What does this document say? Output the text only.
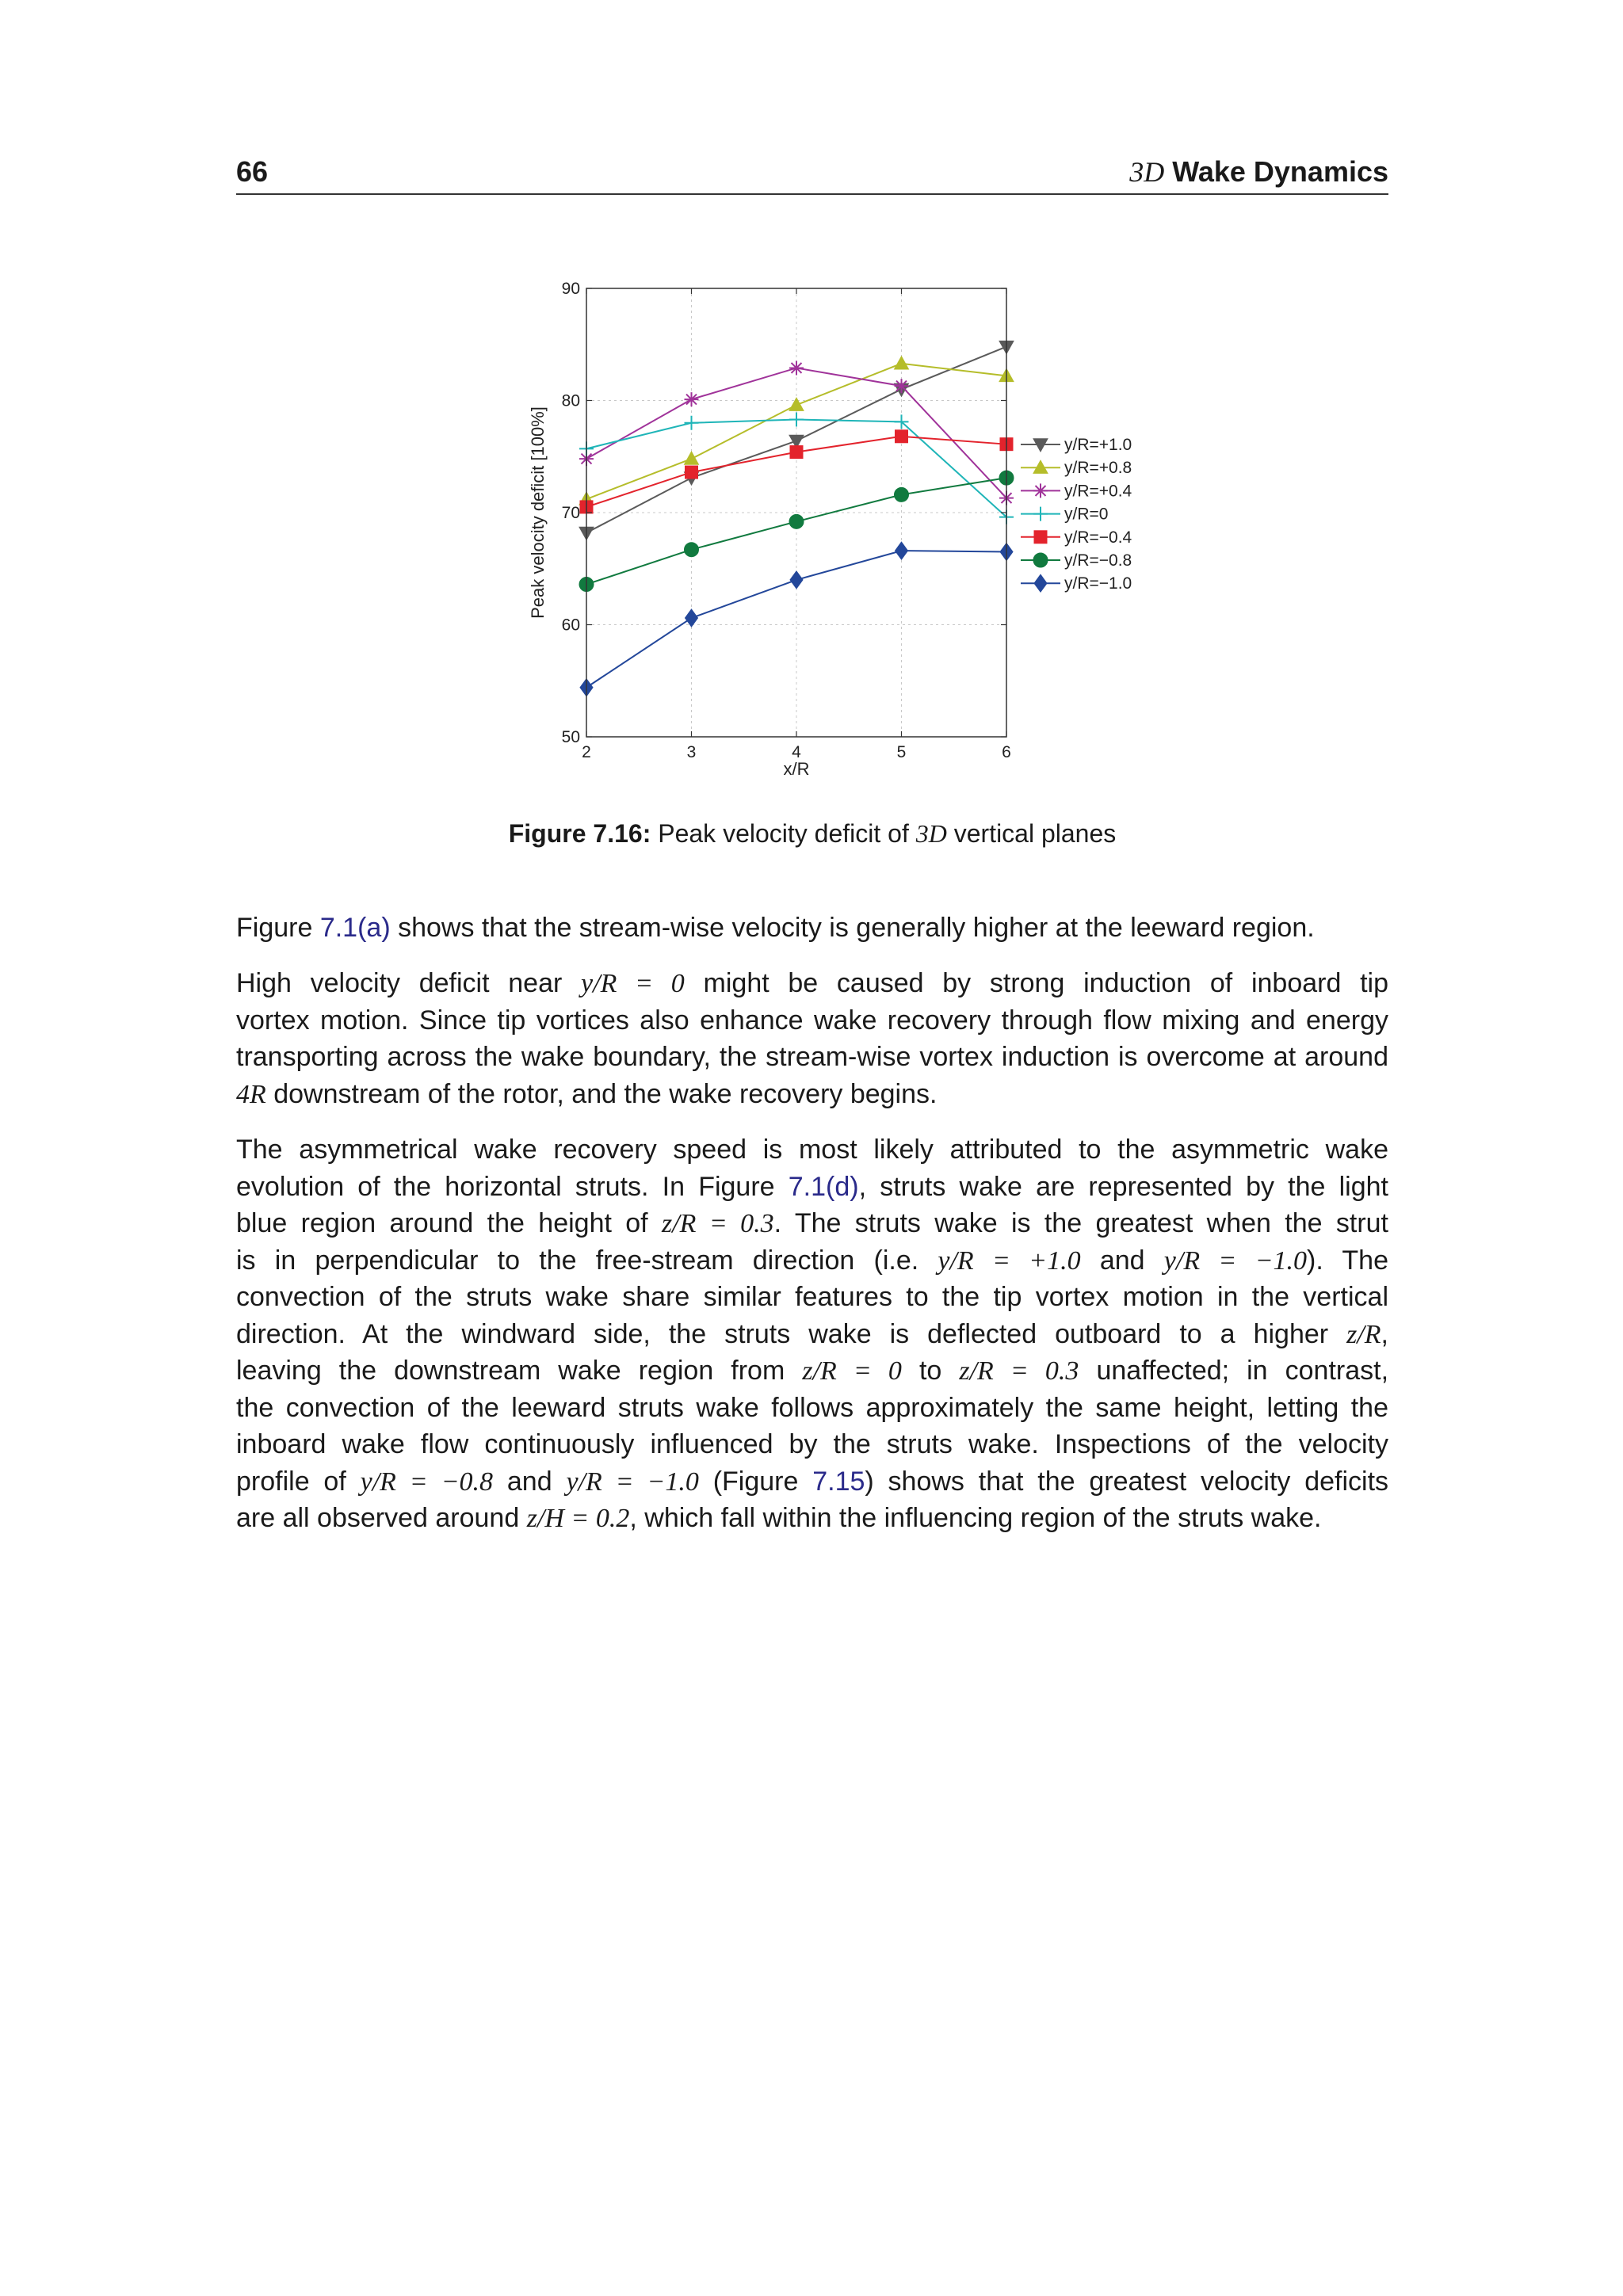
66	3D Wake Dynamics
2	3	4	5	6
50
60
70
80
90
x/R
Peak velocity deficit [100%]	y/R=+1.0
y/R=+0.8
y/R=+0.4
y/R=0
y/R=−0.4
y/R=−0.8
y/R=−1.0
Figure 7.16: Peak velocity deficit of 3D vertical planes
Figure 7.1(a) shows that the stream-wise velocity is generally higher at the leeward region.
High velocity deficit near y/R = 0 might be caused by strong induction of inboard tip
vortex motion. Since tip vortices also enhance wake recovery through flow mixing and energy
transporting across the wake boundary, the stream-wise vortex induction is overcome at around
4R downstream of the rotor, and the wake recovery begins.
The asymmetrical wake recovery speed is most likely attributed to the asymmetric wake
evolution of the horizontal struts. In Figure 7.1(d), struts wake are represented by the light
blue region around the height of z/R = 0.3. The struts wake is the greatest when the strut
is in perpendicular to the free-stream direction (i.e. y/R = +1.0 and y/R = −1.0). The
convection of the struts wake share similar features to the tip vortex motion in the vertical
direction. At the windward side, the struts wake is deflected outboard to a higher z/R,
leaving the downstream wake region from z/R = 0 to z/R = 0.3 unaffected; in contrast,
the convection of the leeward struts wake follows approximately the same height, letting the
inboard wake flow continuously influenced by the struts wake. Inspections of the velocity
profile of y/R = −0.8 and y/R = −1.0 (Figure 7.15) shows that the greatest velocity deficits
are all observed around z/H = 0.2, which fall within the influencing region of the struts wake.
